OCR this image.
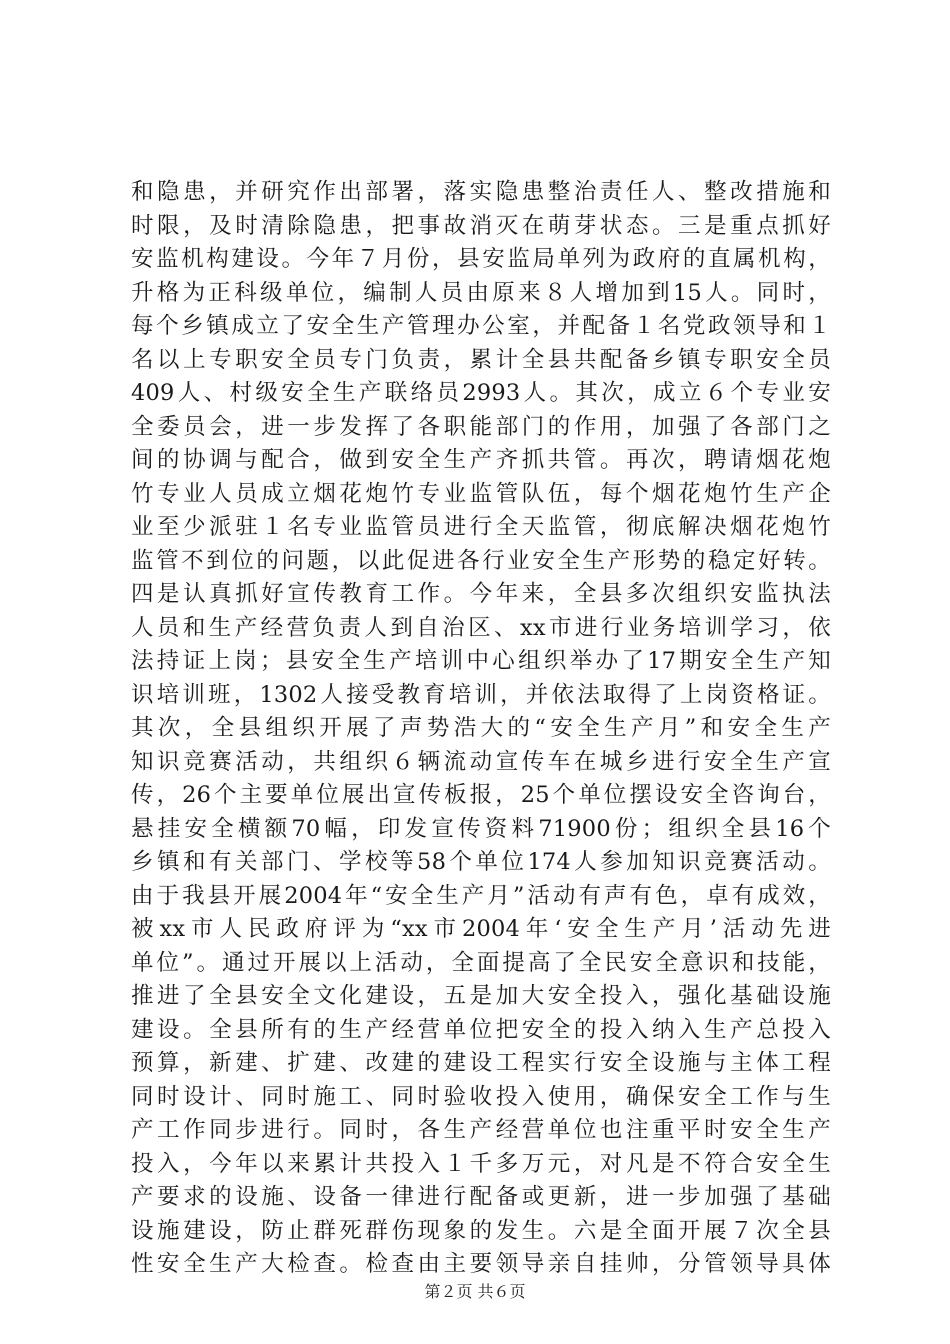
和隐患，并研究作出部署，落实隐患整治责任人、整改措施和
时限，及时清除隐患，把事故消灭在萌芽状态。三是重点抓好
安监机构建设。今年７月份，县安监局单列为政府的直属机构，
升格为正科级单位，编制人员由原来８人增加到15人。同时，
每个乡镇成立了安全生产管理办公室，并配备１名党政领导和１
名以上专职安全员专门负责，累计全县共配备乡镇专职安全员
409人、村级安全生产联络员2993人。其次，成立６个专业安
全委员会，进一步发挥了各职能部门的作用，加强了各部门之
间的协调与配合，做到安全生产齐抓共管。再次，聘请烟花炮
竹专业人员成立烟花炮竹专业监管队伍，每个烟花炮竹生产企
业至少派驻１名专业监管员进行全天监管，彻底解决烟花炮竹
监管不到位的问题，以此促进各行业安全生产形势的稳定好转。
四是认真抓好宣传教育工作。今年来，全县多次组织安监执法
人员和生产经营负责人到自治区、xx市进行业务培训学习，依
法持证上岗；县安全生产培训中心组织举办了17期安全生产知
识培训班，1302人接受教育培训，并依法取得了上岗资格证。
其次，全县组织开展了声势浩大的“安全生产月”和安全生产
知识竞赛活动，共组织６辆流动宣传车在城乡进行安全生产宣
传，26个主要单位展出宣传板报，25个单位摆设安全咨询台，
悬挂安全横额70幅，印发宣传资料71900份；组织全县16个
乡镇和有关部门、学校等58个单位174人参加知识竞赛活动。
由于我县开展2004年“安全生产月”活动有声有色，卓有成效，
被xx市人民政府评为“xx市2004年‘安全生产月’活动先进
单位”。通过开展以上活动，全面提高了全民安全意识和技能，
推进了全县安全文化建设，五是加大安全投入，强化基础设施
建设。全县所有的生产经营单位把安全的投入纳入生产总投入
预算，新建、扩建、改建的建设工程实行安全设施与主体工程
同时设计、同时施工、同时验收投入使用，确保安全工作与生
产工作同步进行。同时，各生产经营单位也注重平时安全生产
投入，今年以来累计共投入１千多万元，对凡是不符合安全生
产要求的设施、设备一律进行配备或更新，进一步加强了基础
设施建设，防止群死群伤现象的发生。六是全面开展７次全县
性安全生产大检查。检查由主要领导亲自挂帅，分管领导具体
第２页 共６页
